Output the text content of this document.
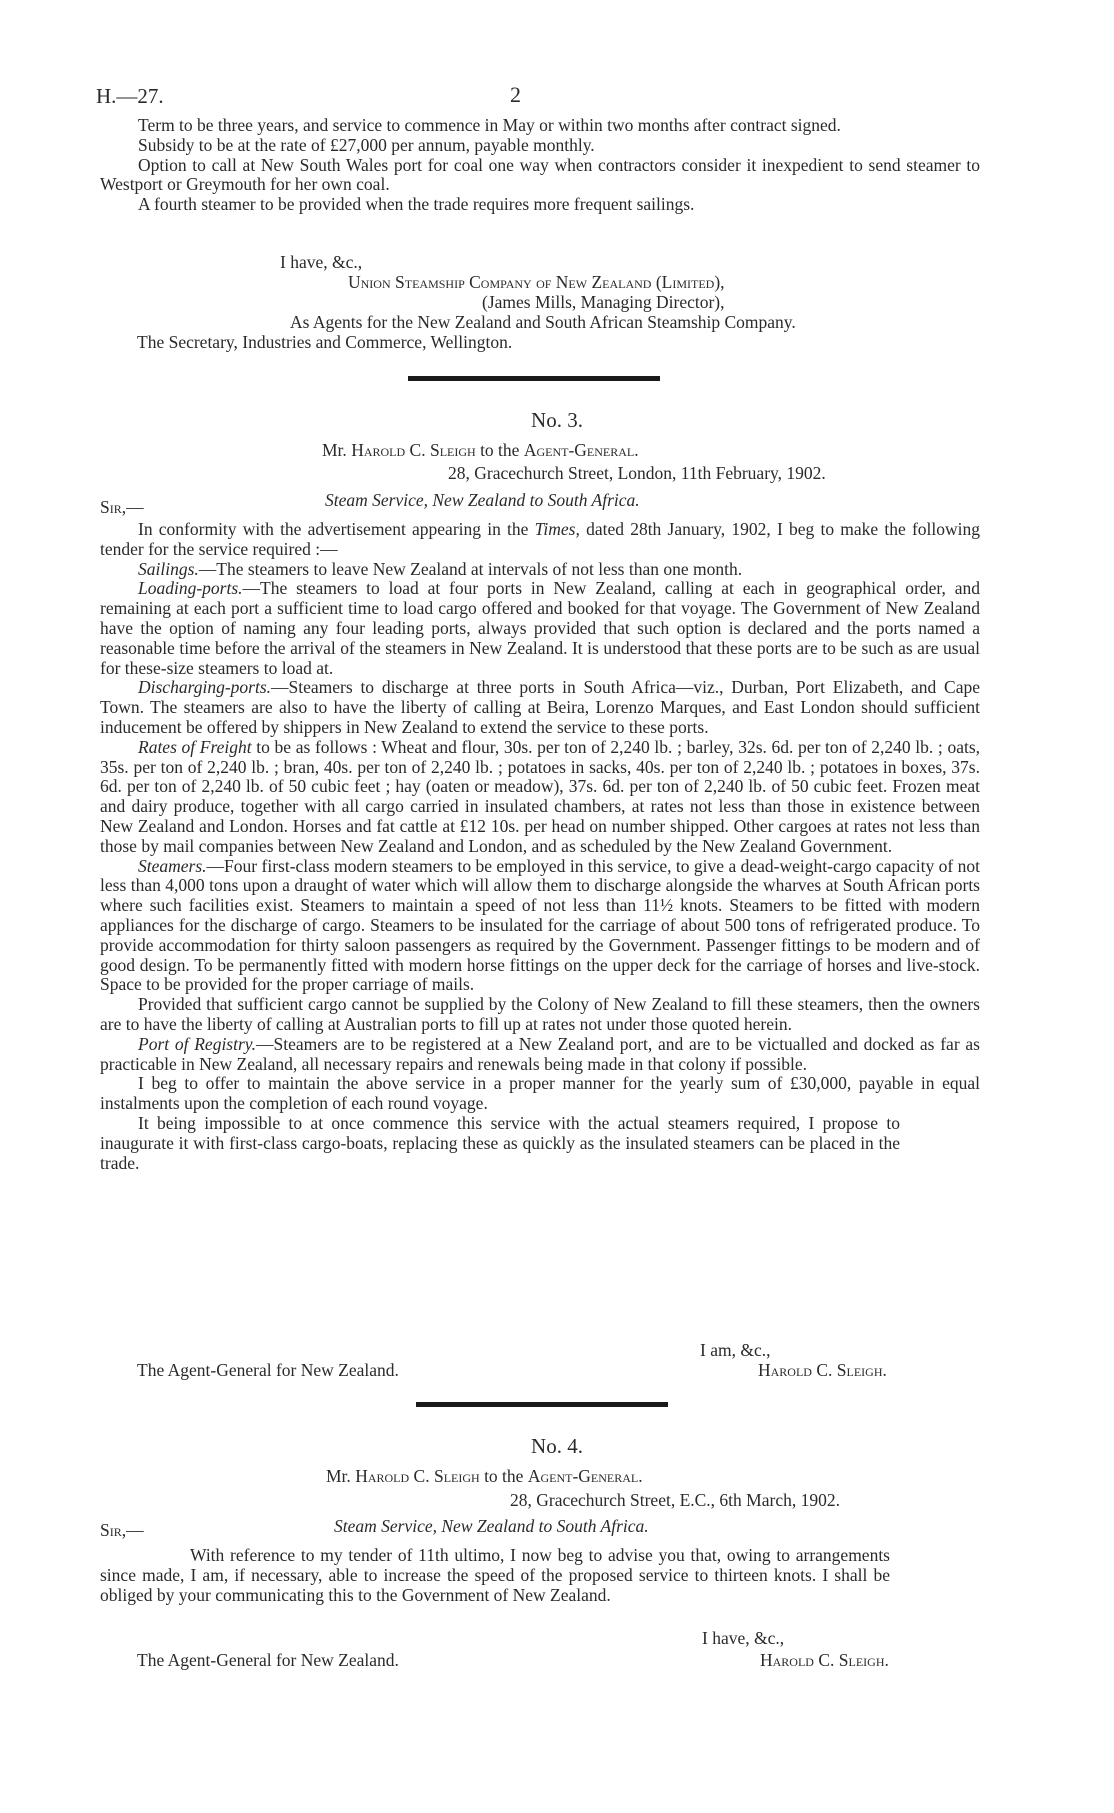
H.—27.	2

Term to be three years, and service to commence in May or within two months after contract signed.

Subsidy to be at the rate of £27,000 per annum, payable monthly.

Option to call at New South Wales port for coal one way when contractors consider it inexpedient to send steamer to Westport or Greymouth for her own coal.

A fourth steamer to be provided when the trade requires more frequent sailings.

I have, &c.,
Union Steamship Company of New Zealand (Limited),
(James Mills, Managing Director),
As Agents for the New Zealand and South African Steamship Company.
The Secretary, Industries and Commerce, Wellington.
No. 3.
Mr. Harold C. Sleigh to the Agent-General.
28, Gracechurch Street, London, 11th February, 1902.
Sir,—	Steam Service, New Zealand to South Africa.

In conformity with the advertisement appearing in the Times, dated 28th January, 1902, I beg to make the following tender for the service required :—

Sailings.—The steamers to leave New Zealand at intervals of not less than one month.

Loading-ports.—The steamers to load at four ports in New Zealand, calling at each in geographical order, and remaining at each port a sufficient time to load cargo offered and booked for that voyage. The Government of New Zealand have the option of naming any four leading ports, always provided that such option is declared and the ports named a reasonable time before the arrival of the steamers in New Zealand. It is understood that these ports are to be such as are usual for these-size steamers to load at.

Discharging-ports.—Steamers to discharge at three ports in South Africa—viz., Durban, Port Elizabeth, and Cape Town. The steamers are also to have the liberty of calling at Beira, Lorenzo Marques, and East London should sufficient inducement be offered by shippers in New Zealand to extend the service to these ports.

Rates of Freight to be as follows : Wheat and flour, 30s. per ton of 2,240 lb. ; barley, 32s. 6d. per ton of 2,240 lb. ; oats, 35s. per ton of 2,240 lb. ; bran, 40s. per ton of 2,240 lb. ; potatoes in sacks, 40s. per ton of 2,240 lb. ; potatoes in boxes, 37s. 6d. per ton of 2,240 lb. of 50 cubic feet ; hay (oaten or meadow), 37s. 6d. per ton of 2,240 lb. of 50 cubic feet. Frozen meat and dairy produce, together with all cargo carried in insulated chambers, at rates not less than those in existence between New Zealand and London. Horses and fat cattle at £12 10s. per head on number shipped. Other cargoes at rates not less than those by mail companies between New Zealand and London, and as scheduled by the New Zealand Government.

Steamers.—Four first-class modern steamers to be employed in this service, to give a dead-weight-cargo capacity of not less than 4,000 tons upon a draught of water which will allow them to discharge alongside the wharves at South African ports where such facilities exist. Steamers to maintain a speed of not less than 11½ knots. Steamers to be fitted with modern appliances for the discharge of cargo. Steamers to be insulated for the carriage of about 500 tons of refrigerated produce. To provide accommodation for thirty saloon passengers as required by the Government. Passenger fittings to be modern and of good design. To be permanently fitted with modern horse fittings on the upper deck for the carriage of horses and live-stock. Space to be provided for the proper carriage of mails.

Provided that sufficient cargo cannot be supplied by the Colony of New Zealand to fill these steamers, then the owners are to have the liberty of calling at Australian ports to fill up at rates not under those quoted herein.

Port of Registry.—Steamers are to be registered at a New Zealand port, and are to be victualled and docked as far as practicable in New Zealand, all necessary repairs and renewals being made in that colony if possible.

I beg to offer to maintain the above service in a proper manner for the yearly sum of £30,000, payable in equal instalments upon the completion of each round voyage.

It being impossible to at once commence this service with the actual steamers required, I propose to inaugurate it with first-class cargo-boats, replacing these as quickly as the insulated steamers can be placed in the trade.

I am, &c.,
The Agent-General for New Zealand.	Harold C. Sleigh.
No. 4.
Mr. Harold C. Sleigh to the Agent-General.
28, Gracechurch Street, E.C., 6th March, 1902.
Sir,—	Steam Service, New Zealand to South Africa.

With reference to my tender of 11th ultimo, I now beg to advise you that, owing to arrangements since made, I am, if necessary, able to increase the speed of the proposed service to thirteen knots. I shall be obliged by your communicating this to the Government of New Zealand.

I have, &c.,
The Agent-General for New Zealand.	Harold C. Sleigh.
